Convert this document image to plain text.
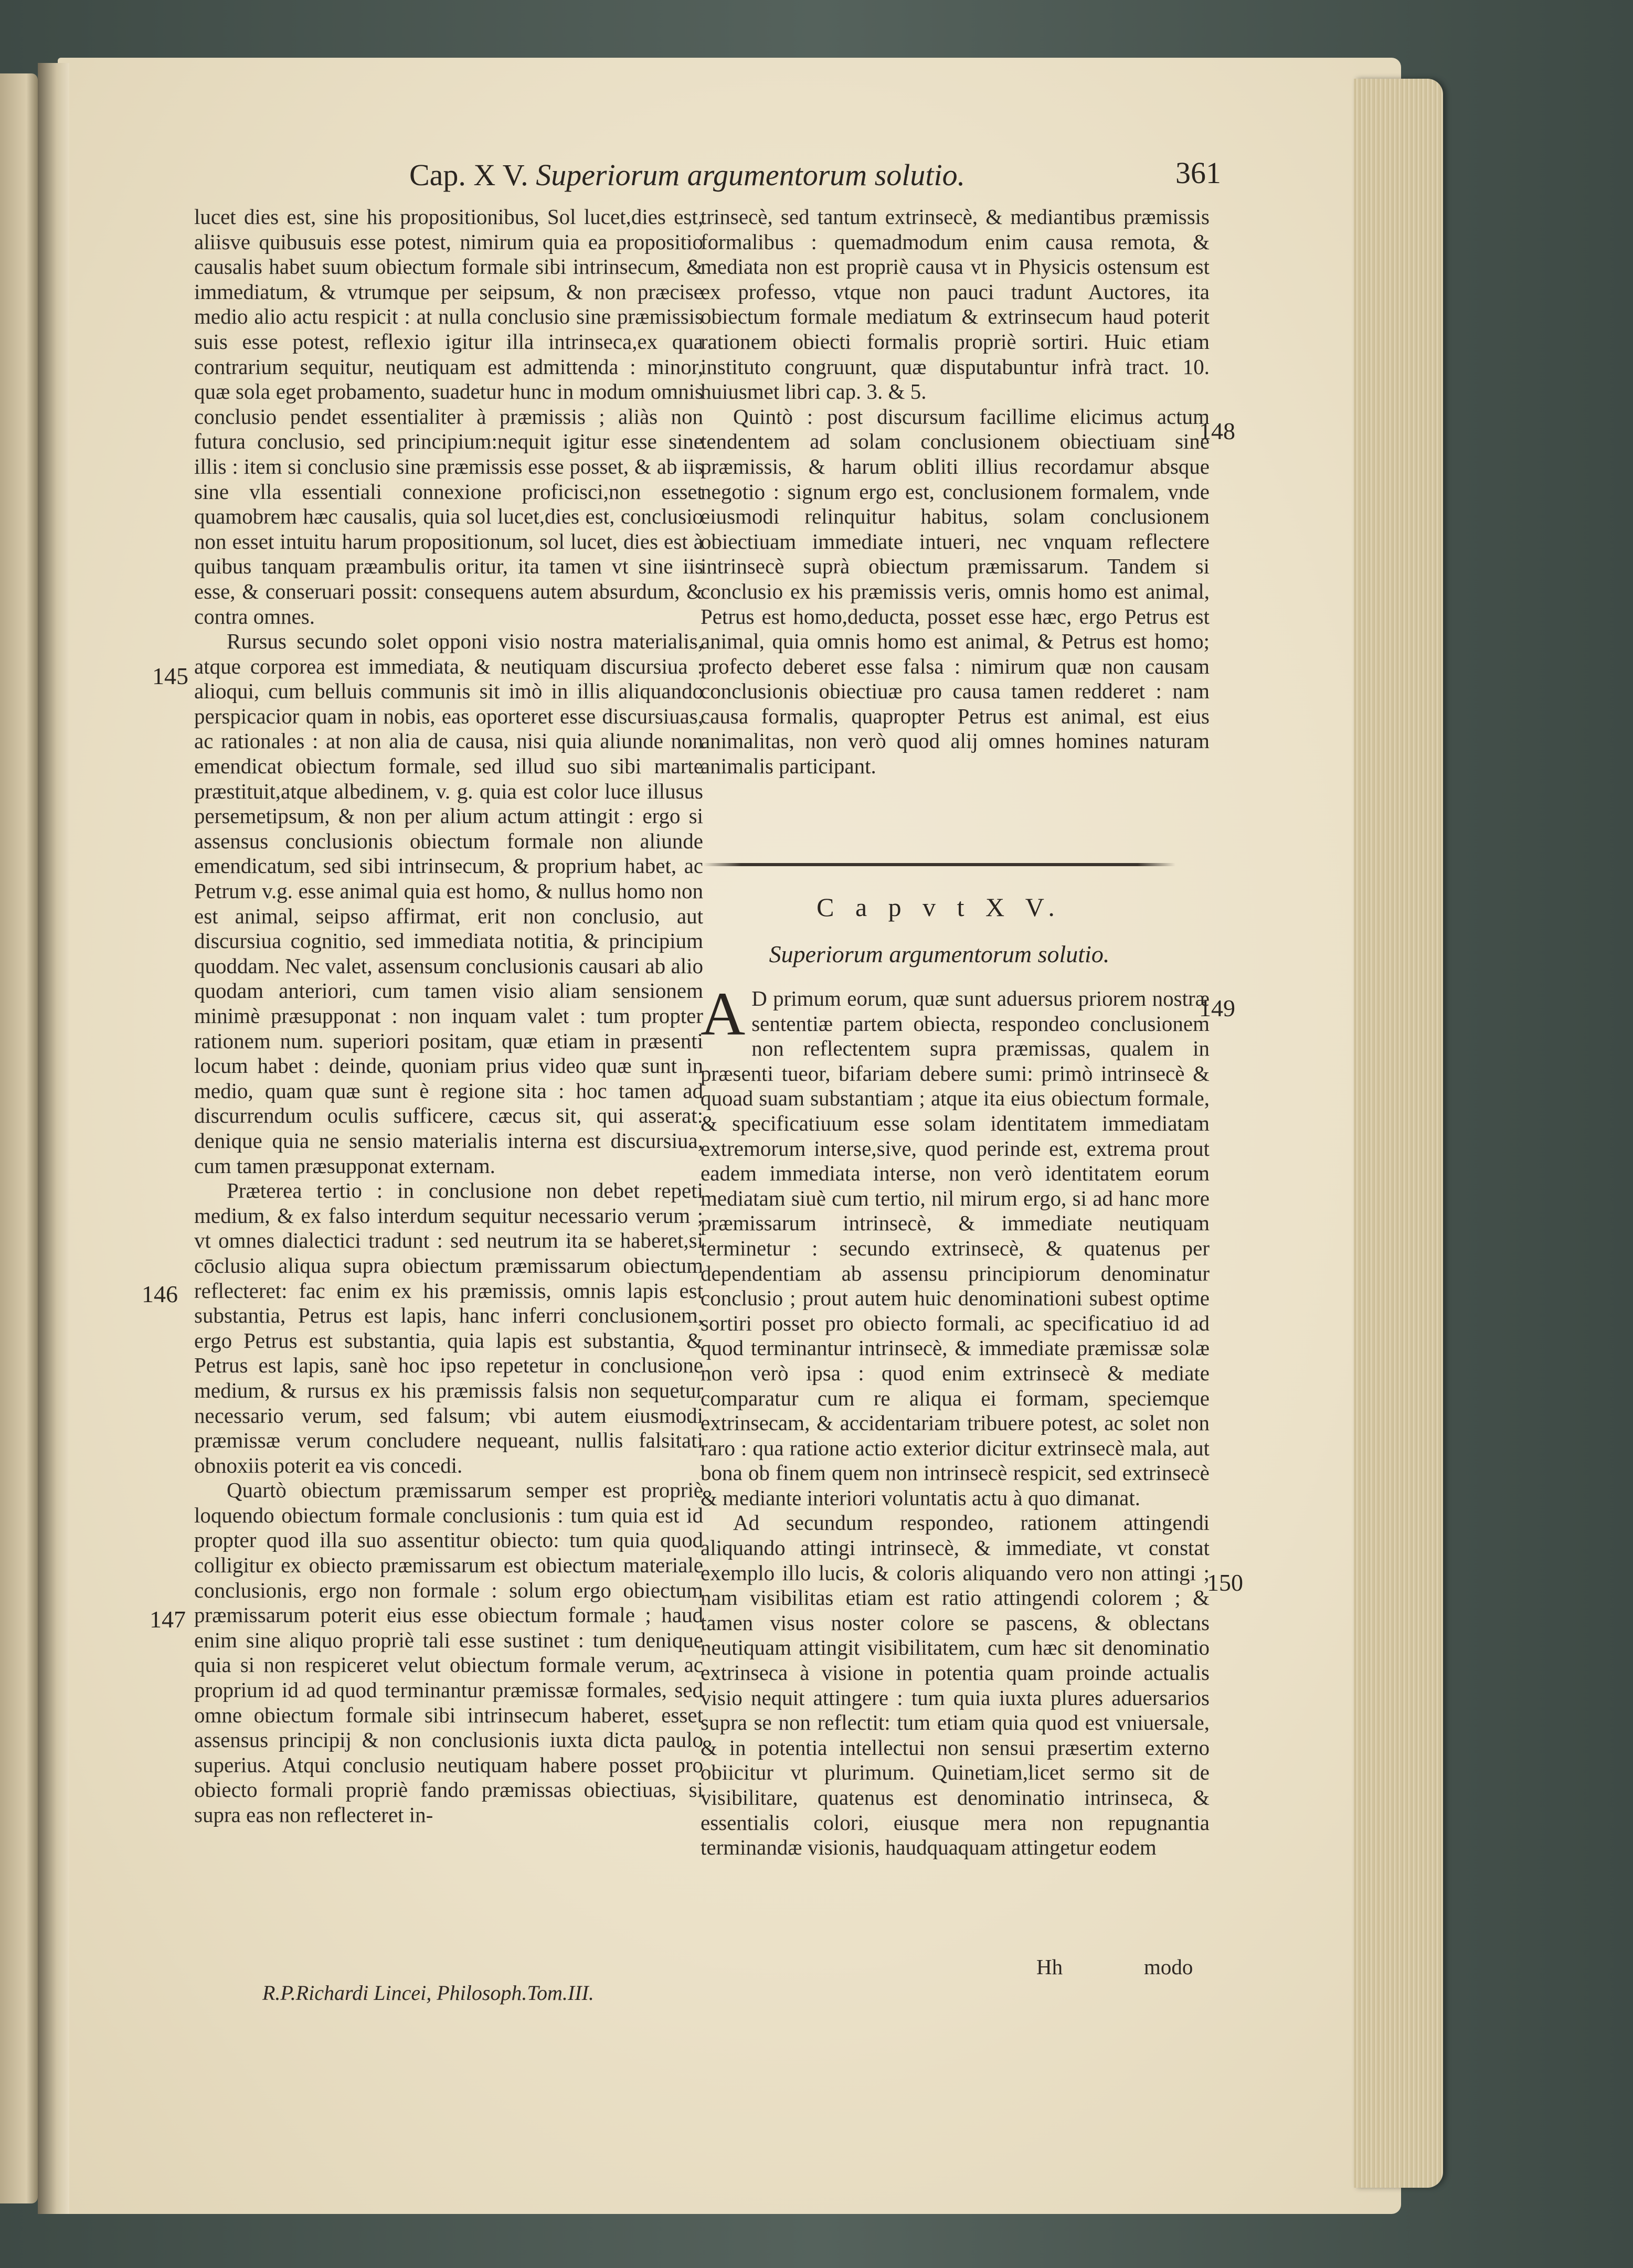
Cap. X V. Superiorum argumentorum solutio.	361

lucet dies est, sine his propositionibus, Sol lucet,dies est, aliisve quibusuis esse potest, nimirum quia ea propositio causalis habet suum obiectum formale sibi intrinsecum, & immediatum, & vtrumque per seipsum, & non præcise medio alio actu respicit : at nulla conclusio sine præmissis suis esse potest, reflexio igitur illa intrinseca,ex qua contrarium sequitur, neutiquam est admittenda : minor, quæ sola eget probamento, suadetur hunc in modum omnis conclusio pendet essentialiter à præmissis ; aliàs non futura conclusio, sed principium:nequit igitur esse sine illis : item si conclusio sine præmissis esse posset, & ab iis sine vlla essentiali connexione proficisci,non esset quamobrem hæc causalis, quia sol lucet,dies est, conclusio non esset intuitu harum propositionum, sol lucet, dies est à quibus tanquam præambulis oritur, ita tamen vt sine iis esse, & conseruari possit: consequens autem absurdum, & contra omnes.

Rursus secundo solet opponi visio nostra materialis, atque corporea est immediata, & neutiquam discursiua : alioqui, cum belluis communis sit imò in illis aliquando perspicacior quam in nobis, eas oporteret esse discursiuas, ac rationales : at non alia de causa, nisi quia aliunde non emendicat obiectum formale, sed illud suo sibi marte præstituit,atque albedinem, v. g. quia est color luce illusus persemetipsum, & non per alium actum attingit : ergo si assensus conclusionis obiectum formale non aliunde emendicatum, sed sibi intrinsecum, & proprium habet, ac Petrum v.g. esse animal quia est homo, & nullus homo non est animal, seipso affirmat, erit non conclusio, aut discursiua cognitio, sed immediata notitia, & principium quoddam. Nec valet, assensum conclusionis causari ab alio quodam anteriori, cum tamen visio aliam sensionem minimè præsupponat : non inquam valet : tum propter rationem num. superiori positam, quæ etiam in præsenti locum habet : deinde, quoniam prius video quæ sunt in medio, quam quæ sunt è regione sita : hoc tamen ad discurrendum oculis sufficere, cæcus sit, qui asserat: denique quia ne sensio materialis interna est discursiua, cum tamen præsupponat externam.

Præterea tertio : in conclusione non debet repeti medium, & ex falso interdum sequitur necessario verum ; vt omnes dialectici tradunt : sed neutrum ita se haberet,si cōclusio aliqua supra obiectum præmissarum obiectum reflecteret: fac enim ex his præmissis, omnis lapis est substantia, Petrus est lapis, hanc inferri conclusionem, ergo Petrus est substantia, quia lapis est substantia, & Petrus est lapis, sanè hoc ipso repetetur in conclusione medium, & rursus ex his præmissis falsis non sequetur necessario verum, sed falsum; vbi autem eiusmodi præmissæ verum concludere nequeant, nullis falsitati obnoxiis poterit ea vis concedi.

Quartò obiectum præmissarum semper est propriè loquendo obiectum formale conclusionis : tum quia est id propter quod illa suo assentitur obiecto: tum quia quod colligitur ex obiecto præmissarum est obiectum materiale conclusionis, ergo non formale : solum ergo obiectum præmissarum poterit eius esse obiectum formale ; haud enim sine aliquo propriè tali esse sustinet : tum denique quia si non respiceret velut obiectum formale verum, ac proprium id ad quod terminantur præmissæ formales, sed omne obiectum formale sibi intrinsecum haberet, esset assensus principij & non conclusionis iuxta dicta paulo superius. Atqui conclusio neutiquam habere posset pro obiecto formali propriè fando præmissas obiectiuas, si supra eas non reflecteret in-

145
146
147

trinsecè, sed tantum extrinsecè, & mediantibus præmissis formalibus : quemadmodum enim causa remota, & mediata non est propriè causa vt in Physicis ostensum est ex professo, vtque non pauci tradunt Auctores, ita obiectum formale mediatum & extrinsecum haud poterit rationem obiecti formalis propriè sortiri. Huic etiam instituto congruunt, quæ disputabuntur infrà tract. 10. huiusmet libri cap. 3. & 5.

Quintò : post discursum facillime elicimus actum tendentem ad solam conclusionem obiectiuam sine præmissis, & harum obliti illius recordamur absque negotio : signum ergo est, conclusionem formalem, vnde eiusmodi relinquitur habitus, solam conclusionem obiectiuam immediate intueri, nec vnquam reflectere intrinsecè suprà obiectum præmissarum. Tandem si conclusio ex his præmissis veris, omnis homo est animal, Petrus est homo,deducta, posset esse hæc, ergo Petrus est animal, quia omnis homo est animal, & Petrus est homo; profecto deberet esse falsa : nimirum quæ non causam conclusionis obiectiuæ pro causa tamen redderet : nam causa formalis, quapropter Petrus est animal, est eius animalitas, non verò quod alij omnes homines naturam animalis participant.

148
C a p v t X V.
Superiorum argumentorum solutio.
A D primum eorum, quæ sunt aduersus priorem nostræ sententiæ partem obiecta, respondeo conclusionem non reflectentem supra præmissas, qualem in præsenti tueor, bifariam debere sumi: primò intrinsecè & quoad suam substantiam ; atque ita eius obiectum formale, & specificatiuum esse solam identitatem immediatam extremorum interse,sive, quod perinde est, extrema prout eadem immediata interse, non verò identitatem eorum mediatam siuè cum tertio, nil mirum ergo, si ad hanc more præmissarum intrinsecè, & immediate neutiquam terminetur : secundo extrinsecè, & quatenus per dependentiam ab assensu principiorum denominatur conclusio ; prout autem huic denominationi subest optime sortiri posset pro obiecto formali, ac specificatiuo id ad quod terminantur intrinsecè, & immediate præmissæ solæ non verò ipsa : quod enim extrinsecè & mediate comparatur cum re aliqua ei formam, speciemque extrinsecam, & accidentariam tribuere potest, ac solet non raro : qua ratione actio exterior dicitur extrinsecè mala, aut bona ob finem quem non intrinsecè respicit, sed extrinsecè & mediante interiori voluntatis actu à quo dimanat.

Ad secundum respondeo, rationem attingendi aliquando attingi intrinsecè, & immediate, vt constat exemplo illo lucis, & coloris aliquando vero non attingi ; nam visibilitas etiam est ratio attingendi colorem ; & tamen visus noster colore se pascens, & oblectans neutiquam attingit visibilitatem, cum hæc sit denominatio extrinseca à visione in potentia quam proinde actualis visio nequit attingere : tum quia iuxta plures aduersarios supra se non reflectit: tum etiam quia quod est vniuersale, & in potentia intellectui non sensui præsertim externo obiicitur vt plurimum. Quinetiam,licet sermo sit de visibilitare, quatenus est denominatio intrinseca, & essentialis colori, eiusque mera non repugnantia terminandæ visionis, haudquaquam attingetur eodem

149
150
Hh	modo
R.P.Richardi Lincei, Philosoph.Tom.III.
